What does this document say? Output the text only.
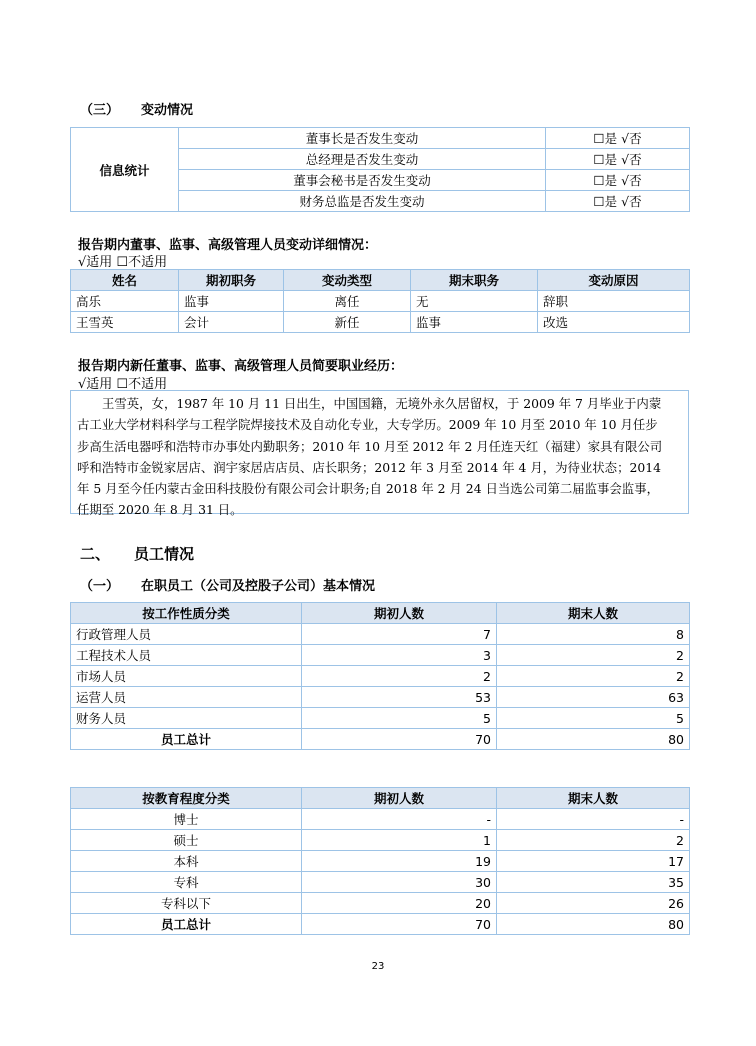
（三） 变动情况
信息统计	董事长是否发生变动	☐是 √否
	总经理是否发生变动	☐是 √否
	董事会秘书是否发生变动	☐是 √否
	财务总监是否发生变动	☐是 √否
报告期内董事、监事、高级管理人员变动详细情况：
√适用 ☐不适用
姓名	期初职务	变动类型	期末职务	变动原因
高乐	监事	离任	无	辞职
王雪英	会计	新任	监事	改选
报告期内新任董事、监事、高级管理人员简要职业经历：
√适用 ☐不适用
王雪英，女，1987 年 10 月 11 日出生，中国国籍，无境外永久居留权，于 2009 年 7 月毕业于内蒙
古工业大学材料科学与工程学院焊接技术及自动化专业，大专学历。2009 年 10 月至 2010 年 10 月任步
步高生活电器呼和浩特市办事处内勤职务；2010 年 10 月至 2012 年 2 月任连天红（福建）家具有限公司
呼和浩特市金锐家居店、润宇家居店店员、店长职务；2012 年 3 月至 2014 年 4 月，为待业状态；2014
年 5 月至今任内蒙古金田科技股份有限公司会计职务;自 2018 年 2 月 24 日当选公司第二届监事会监事，
任期至 2020 年 8 月 31 日。
二、 员工情况
（一） 在职员工（公司及控股子公司）基本情况
按工作性质分类	期初人数	期末人数
行政管理人员	7	8
工程技术人员	3	2
市场人员	2	2
运营人员	53	63
财务人员	5	5
员工总计	70	80
按教育程度分类	期初人数	期末人数
博士	-	-
硕士	1	2
本科	19	17
专科	30	35
专科以下	20	26
员工总计	70	80
23
